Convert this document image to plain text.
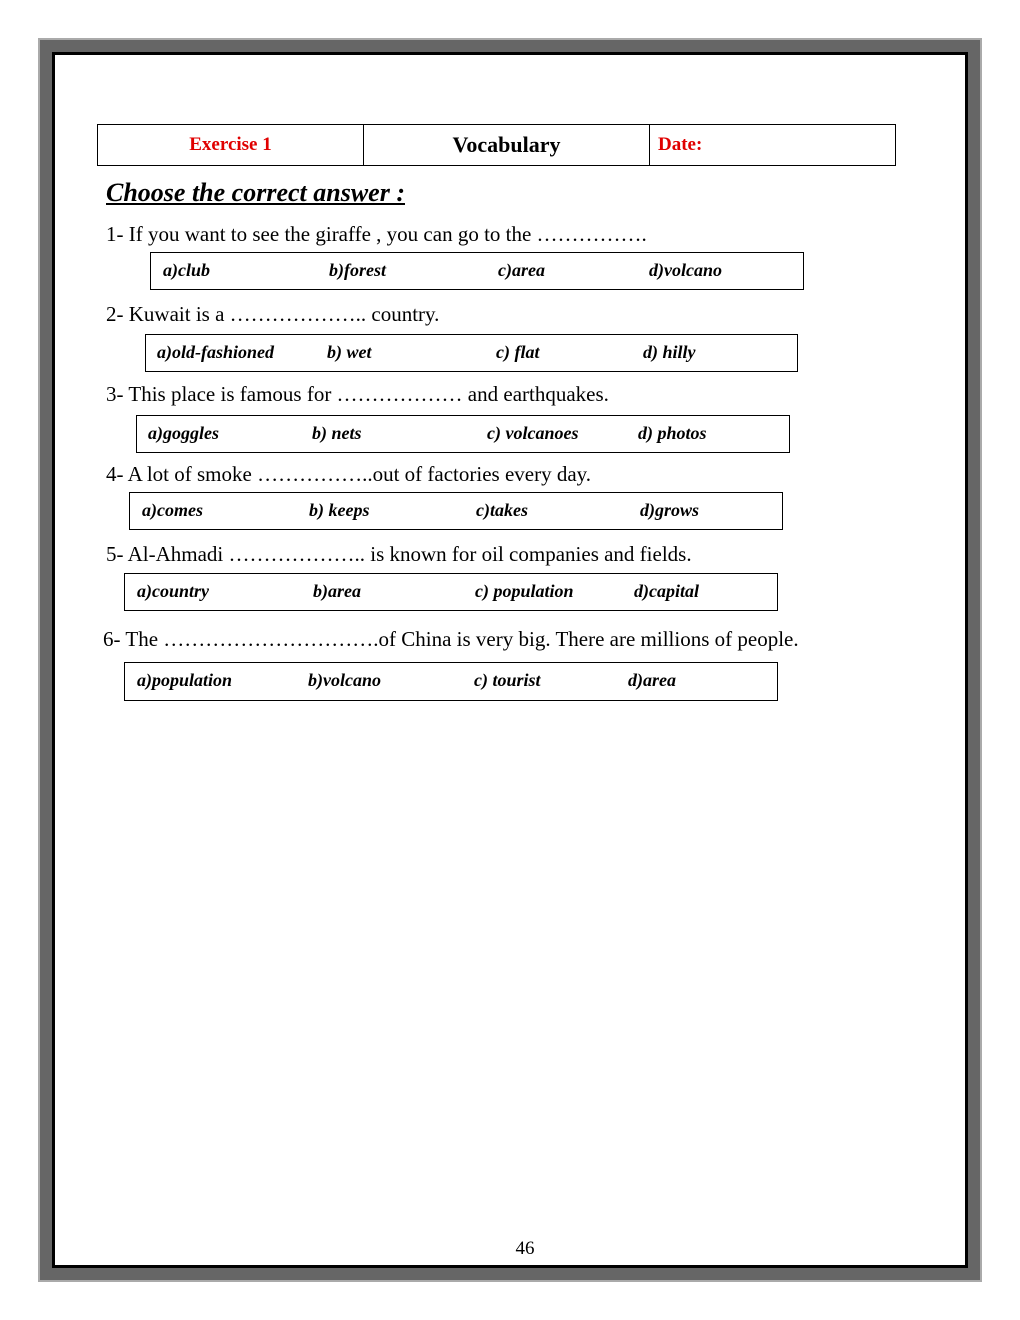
Exercise 1	Vocabulary	Date:
Choose the correct answer :
1- If you want to see the giraffe , you can go to the …………….
a)club	b)forest	c)area	d)volcano
2- Kuwait is a ……………….. country.
a)old-fashioned	b) wet	c) flat	d) hilly
3- This place is famous for ……………… and earthquakes.
a)goggles	b) nets	c) volcanoes	d) photos
4- A lot of smoke ……………..out of factories every day.
a)comes	b) keeps	c)takes	d)grows
5- Al-Ahmadi ……………….. is known for oil companies and fields.
a)country	b)area	c) population	d)capital
6- The ………………………….of China is very big. There are millions of people.
a)population	b)volcano	c) tourist	d)area
46
